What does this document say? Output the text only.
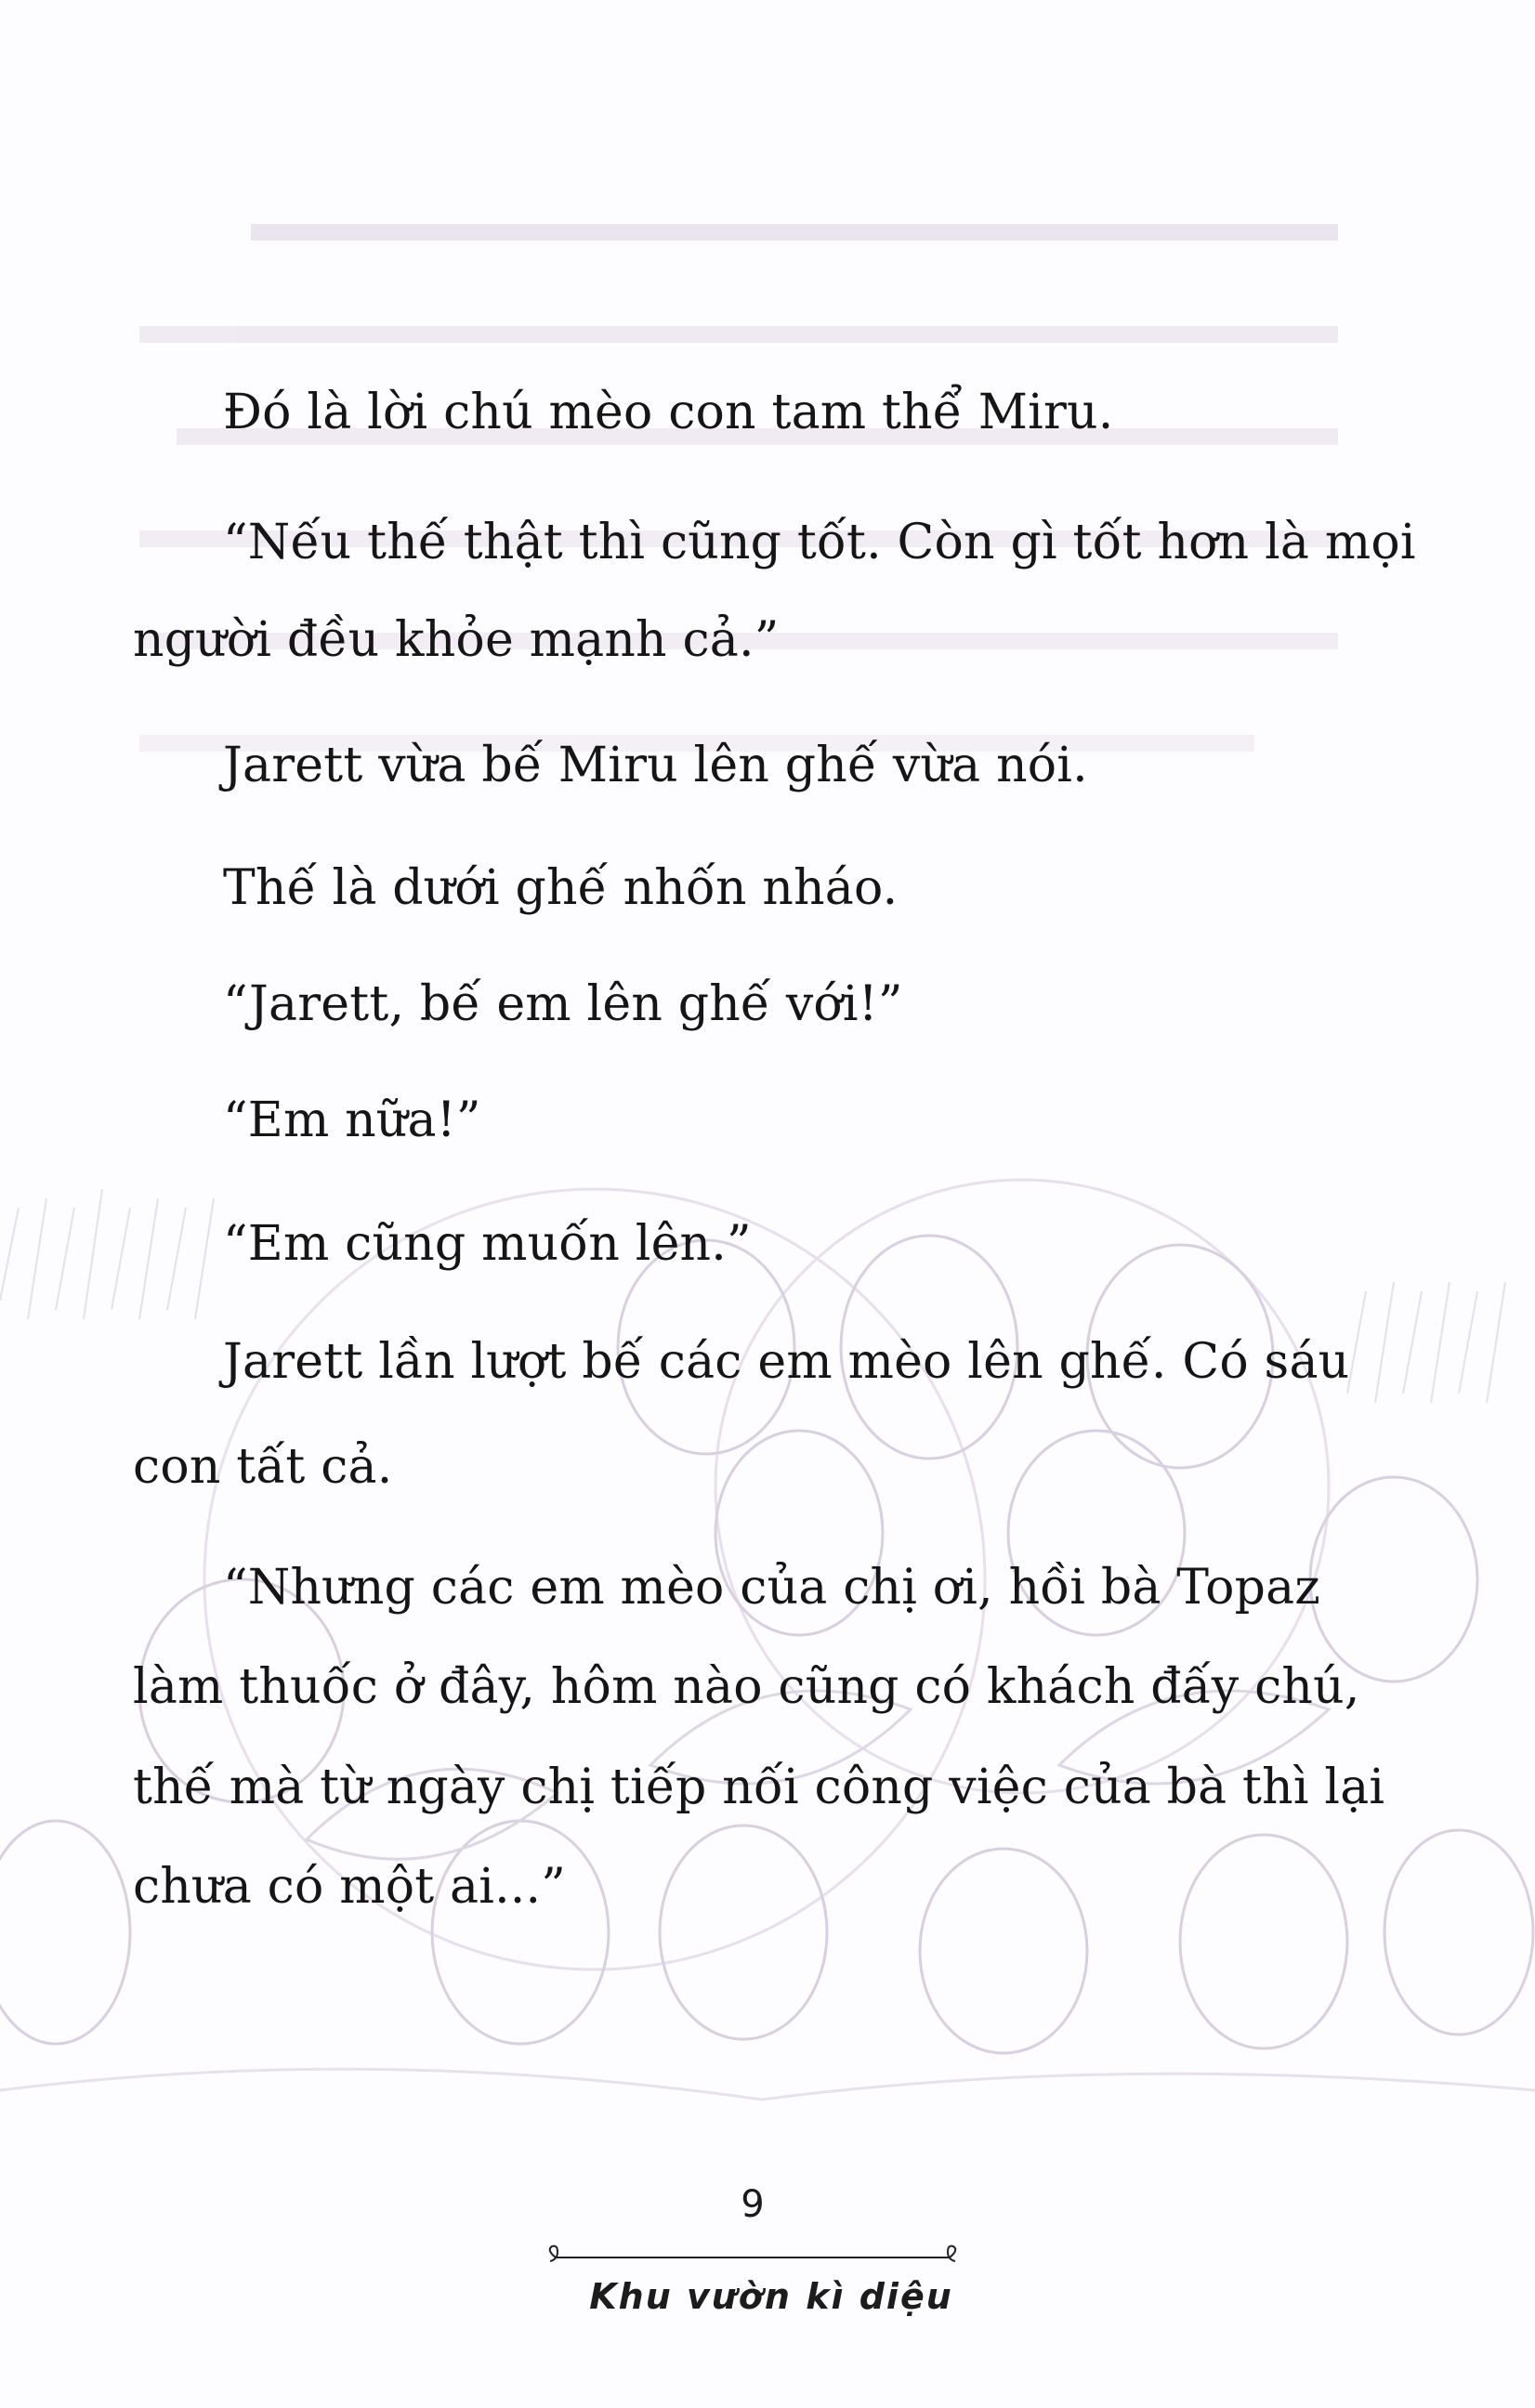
Đó là lời chú mèo con tam thể Miru.
“Nếu thế thật thì cũng tốt. Còn gì tốt hơn là mọi
người đều khỏe mạnh cả.”
Jarett vừa bế Miru lên ghế vừa nói.
Thế là dưới ghế nhốn nháo.
“Jarett, bế em lên ghế với!”
“Em nữa!”
“Em cũng muốn lên.”
Jarett lần lượt bế các em mèo lên ghế. Có sáu
con tất cả.
“Nhưng các em mèo của chị ơi, hồi bà Topaz
làm thuốc ở đây, hôm nào cũng có khách đấy chú,
thế mà từ ngày chị tiếp nối công việc của bà thì lại
chưa có một ai...”
9
Khu vườn kì diệu
